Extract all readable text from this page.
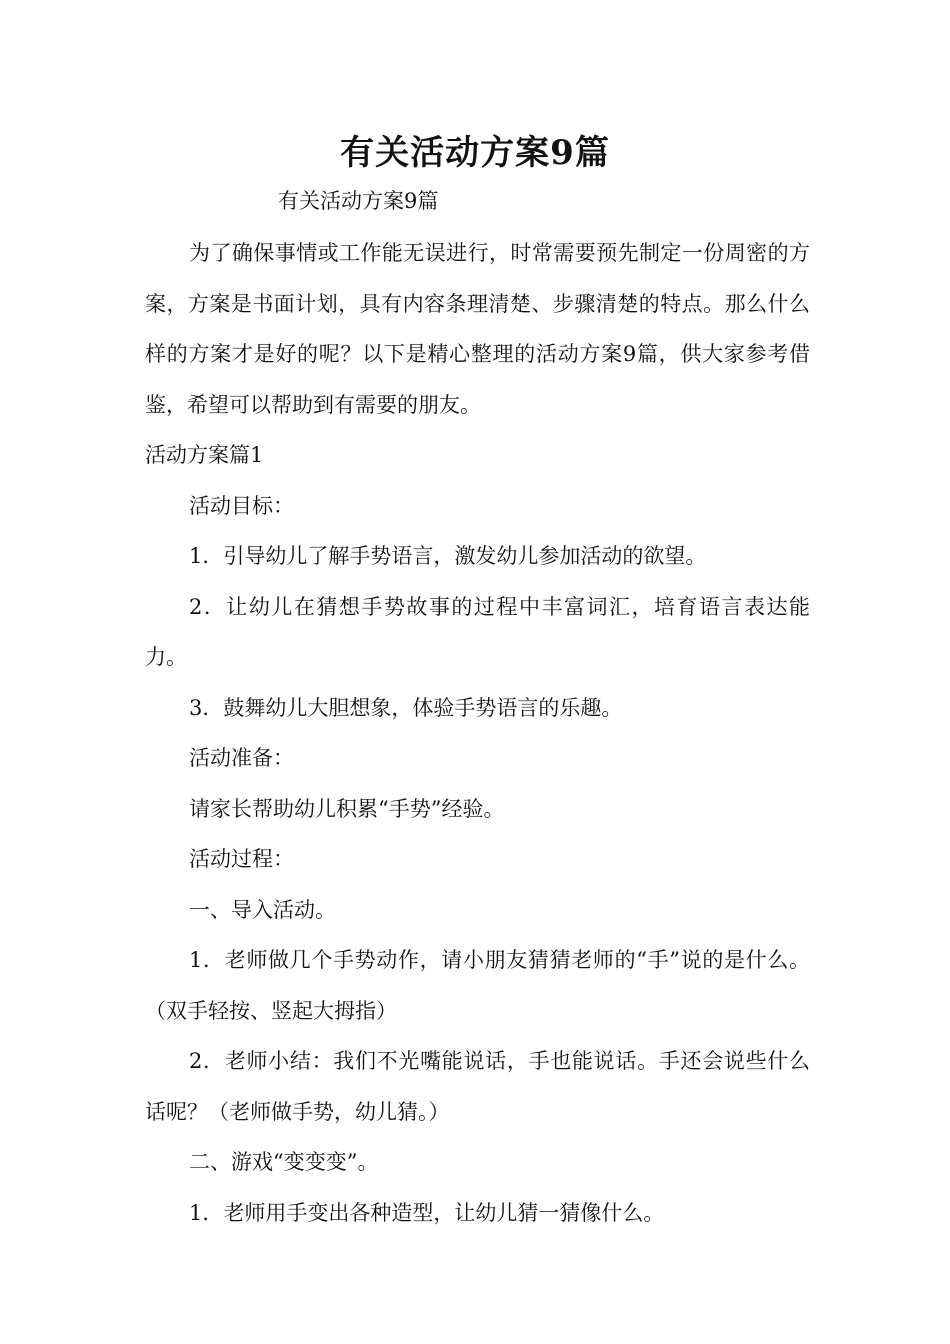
有关活动方案9篇
有关活动方案9篇

为了确保事情或工作能无误进行，时常需要预先制定一份周密的方案，方案是书面计划，具有内容条理清楚、步骤清楚的特点。那么什么样的方案才是好的呢？以下是精心整理的活动方案9篇，供大家参考借鉴，希望可以帮助到有需要的朋友。

活动方案篇1

活动目标：

1．引导幼儿了解手势语言，激发幼儿参加活动的欲望。

2．让幼儿在猜想手势故事的过程中丰富词汇，培育语言表达能力。

3．鼓舞幼儿大胆想象，体验手势语言的乐趣。

活动准备：

请家长帮助幼儿积累“手势”经验。

活动过程：

一、导入活动。

1．老师做几个手势动作，请小朋友猜猜老师的“手”说的是什么。（双手轻按、竖起大拇指）

2．老师小结：我们不光嘴能说话，手也能说话。手还会说些什么话呢？（老师做手势，幼儿猜。）

二、游戏“变变变”。

1．老师用手变出各种造型，让幼儿猜一猜像什么。
